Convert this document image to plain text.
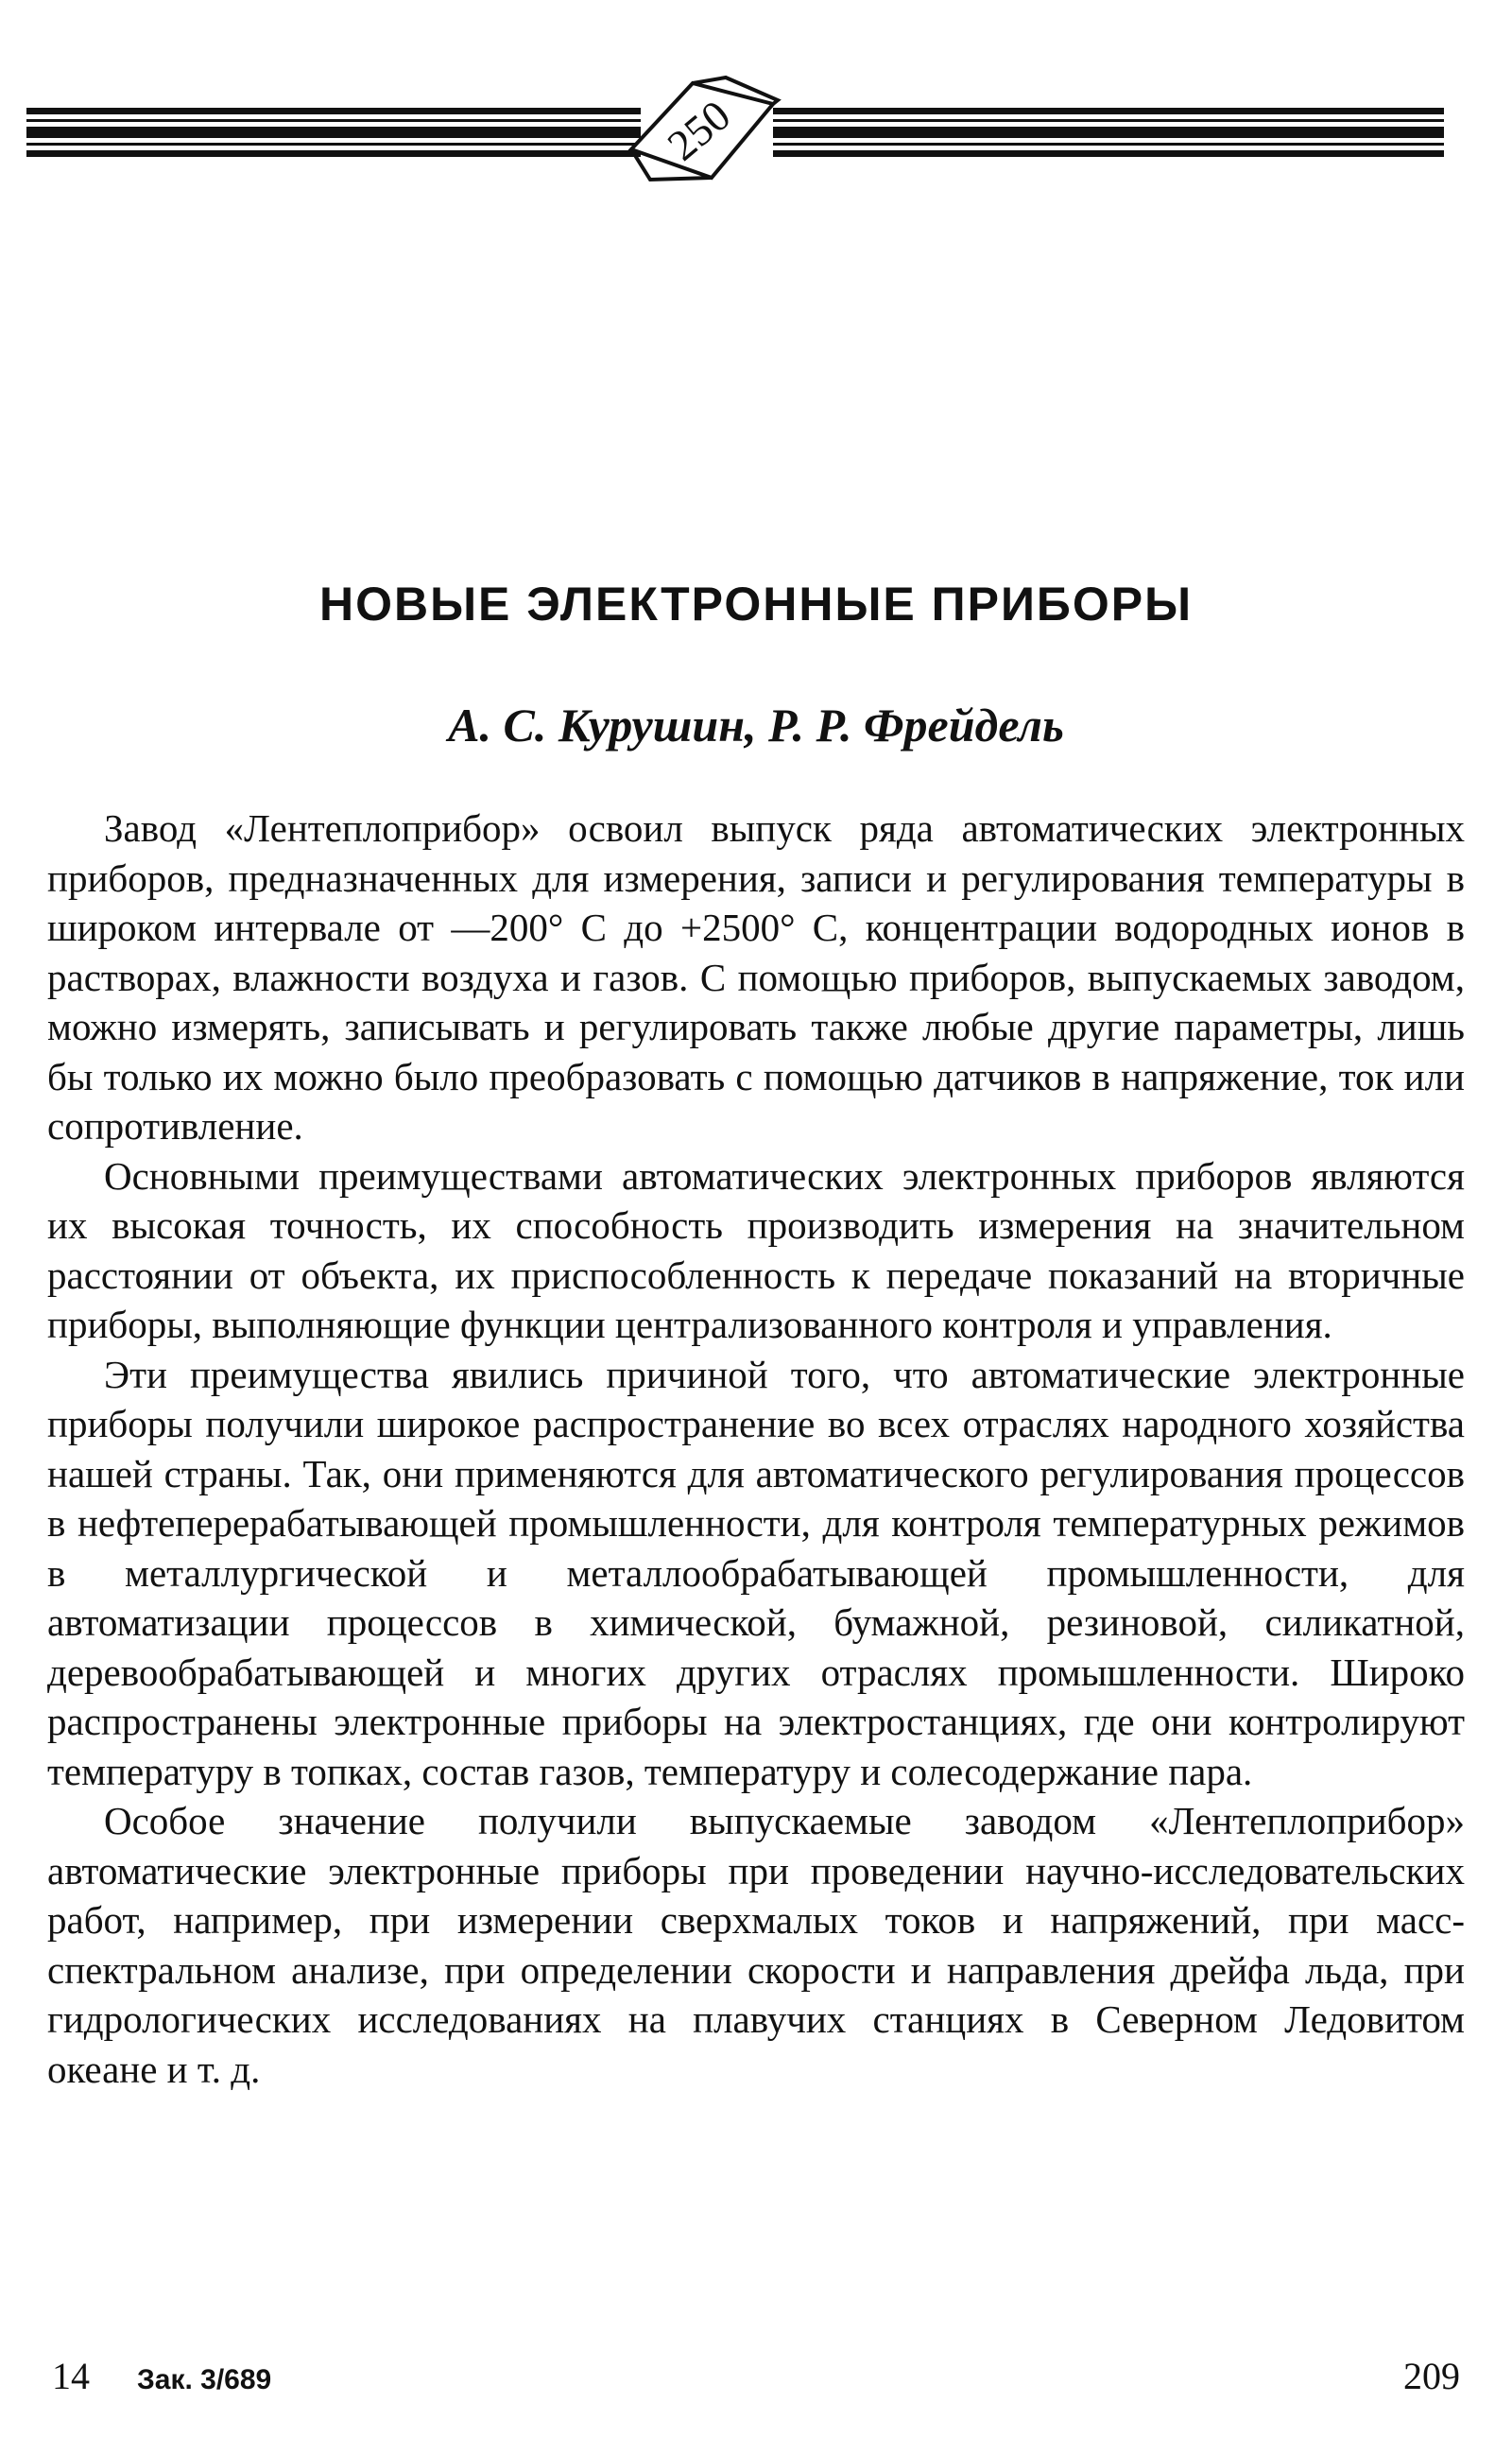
250
НОВЫЕ ЭЛЕКТРОННЫЕ ПРИБОРЫ
А. С. Курушин, Р. Р. Фрейдель

Завод «Лентеплоприбор» освоил выпуск ряда автоматических электронных приборов, предназначенных для измерения, записи и регулирования температуры в широком интервале от —200° С до +2500° С, концентрации водородных ионов в растворах, влажности воздуха и газов. С помощью приборов, выпускаемых заводом, можно измерять, записывать и регулировать также любые другие параметры, лишь бы только их можно было преобразовать с помощью датчиков в напряжение, ток или сопротивление.

Основными преимуществами автоматических электронных приборов являются их высокая точность, их способность производить измерения на значительном расстоянии от объекта, их приспособленность к передаче показаний на вторичные приборы, выполняющие функции централизованного контроля и управления.

Эти преимущества явились причиной того, что автоматические электронные приборы получили широкое распространение во всех отраслях народного хозяйства нашей страны. Так, они применяются для автоматического регулирования процессов в нефтеперерабатывающей промышленности, для контроля температурных режимов в металлургической и металлообрабатывающей промышленности, для автоматизации процессов в химической, бумажной, резиновой, силикатной, деревообрабатывающей и многих других отраслях промышленности. Широко распространены электронные приборы на электростанциях, где они контролируют температуру в топках, состав газов, температуру и солесодержание пара.

Особое значение получили выпускаемые заводом «Лентеплоприбор» автоматические электронные приборы при проведении научно-исследовательских работ, например, при измерении сверхмалых токов и напряжений, при масс-спектральном анализе, при определении скорости и направления дрейфа льда, при гидрологических исследованиях на плавучих станциях в Северном Ледовитом океане и т. д.

14 Зак. 3/689	209
